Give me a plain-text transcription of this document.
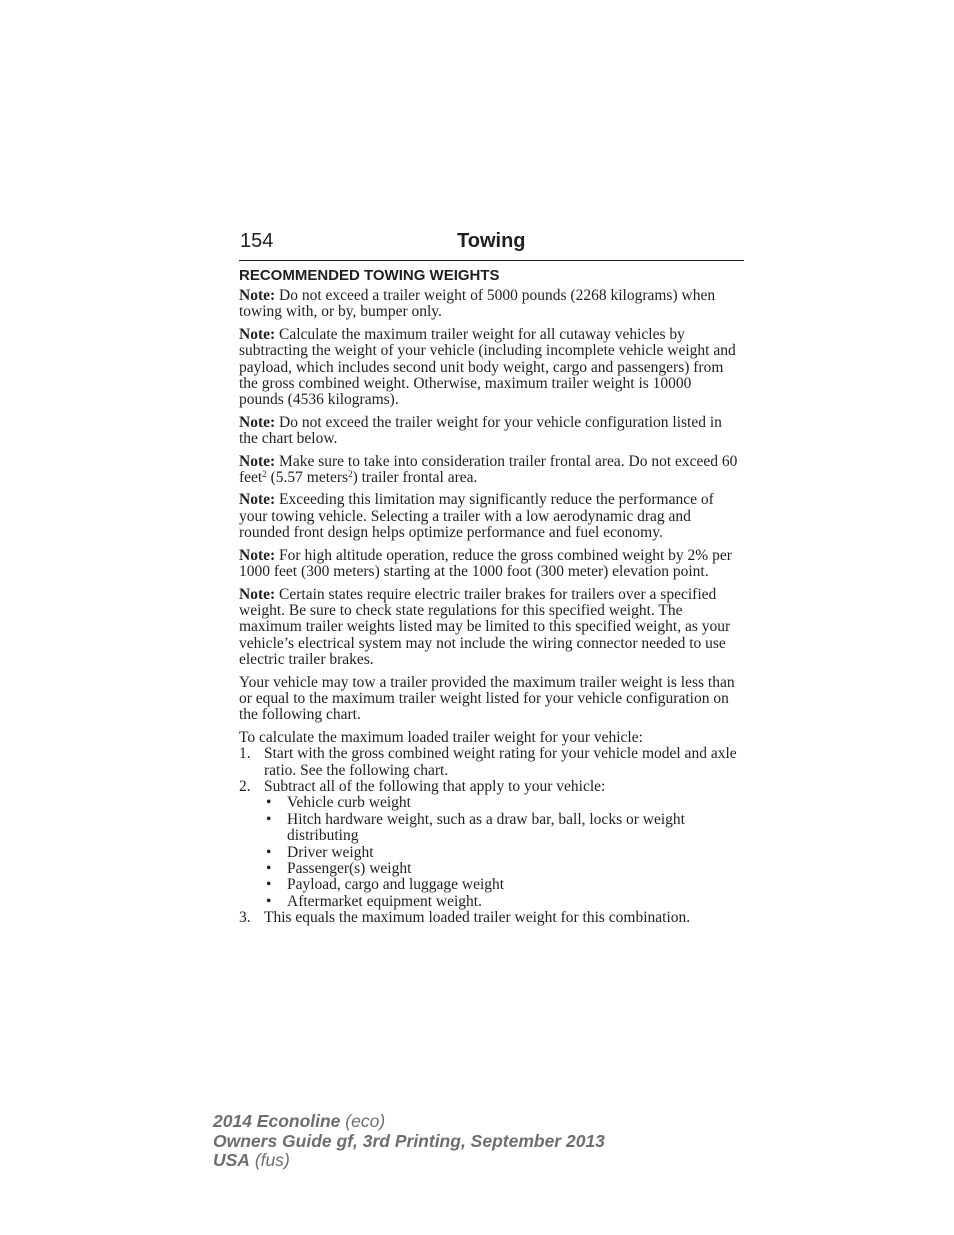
154	Towing
RECOMMENDED TOWING WEIGHTS

Note: Do not exceed a trailer weight of 5000 pounds (2268 kilograms) when towing with, or by, bumper only.

Note: Calculate the maximum trailer weight for all cutaway vehicles by subtracting the weight of your vehicle (including incomplete vehicle weight and payload, which includes second unit body weight, cargo and passengers) from the gross combined weight. Otherwise, maximum trailer weight is 10000 pounds (4536 kilograms).

Note: Do not exceed the trailer weight for your vehicle configuration listed in the chart below.

Note: Make sure to take into consideration trailer frontal area. Do not exceed 60 feet$^2$ (5.57 meters$^2$) trailer frontal area.

Note: Exceeding this limitation may significantly reduce the performance of your towing vehicle. Selecting a trailer with a low aerodynamic drag and rounded front design helps optimize performance and fuel economy.

Note: For high altitude operation, reduce the gross combined weight by 2% per 1000 feet (300 meters) starting at the 1000 foot (300 meter) elevation point.

Note: Certain states require electric trailer brakes for trailers over a specified weight. Be sure to check state regulations for this specified weight. The maximum trailer weights listed may be limited to this specified weight, as your vehicle’s electrical system may not include the wiring connector needed to use electric trailer brakes.

Your vehicle may tow a trailer provided the maximum trailer weight is less than or equal to the maximum trailer weight listed for your vehicle configuration on the following chart.

To calculate the maximum loaded trailer weight for your vehicle:

1. Start with the gross combined weight rating for your vehicle model and axle ratio. See the following chart.
2. Subtract all of the following that apply to your vehicle:
• Vehicle curb weight
• Hitch hardware weight, such as a draw bar, ball, locks or weight distributing
• Driver weight
• Passenger(s) weight
• Payload, cargo and luggage weight
• Aftermarket equipment weight.
3. This equals the maximum loaded trailer weight for this combination.
2014 Econoline (eco)
Owners Guide gf, 3rd Printing, September 2013
USA (fus)
